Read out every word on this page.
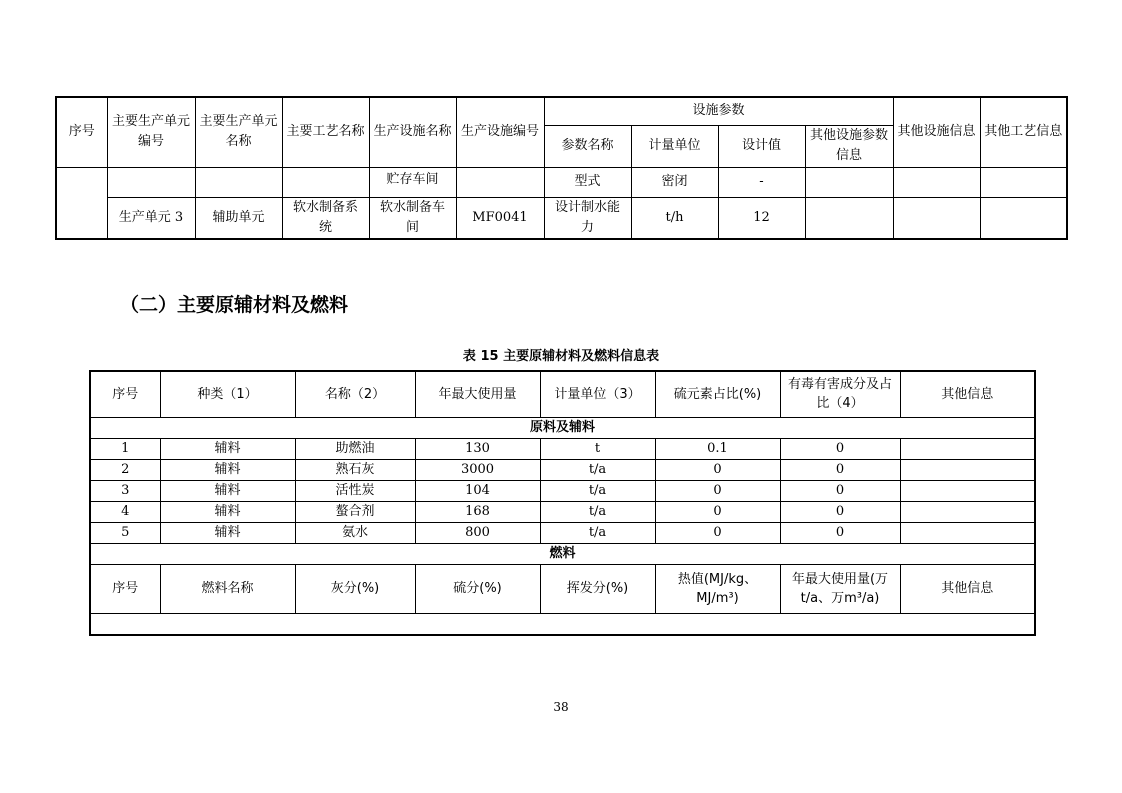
序号	主要生产单元编号	主要生产单元名称	主要工艺名称	生产设施名称	生产设施编号	设施参数				其他设施信息	其他工艺信息
						参数名称	计量单位	设计值	其他设施参数信息		
				贮存车间		型式	密闭	-			
	生产单元 3	辅助单元	软水制备系统	软水制备车间	MF0041	设计制水能力	t/h	12			
（二）主要原辅材料及燃料
表 15 主要原辅材料及燃料信息表
序号	种类（1）	名称（2）	年最大使用量	计量单位（3）	硫元素占比(%)	有毒有害成分及占比（4）	其他信息
原料及辅料							
1	辅料	助燃油	130	t	0.1	0	
2	辅料	熟石灰	3000	t/a	0	0	
3	辅料	活性炭	104	t/a	0	0	
4	辅料	螯合剂	168	t/a	0	0	
5	辅料	氨水	800	t/a	0	0	
燃料							
序号	燃料名称	灰分(%)	硫分(%)	挥发分(%)	热值(MJ/kg、MJ/m³)	年最大使用量(万t/a、万m³/a)	其他信息

38
